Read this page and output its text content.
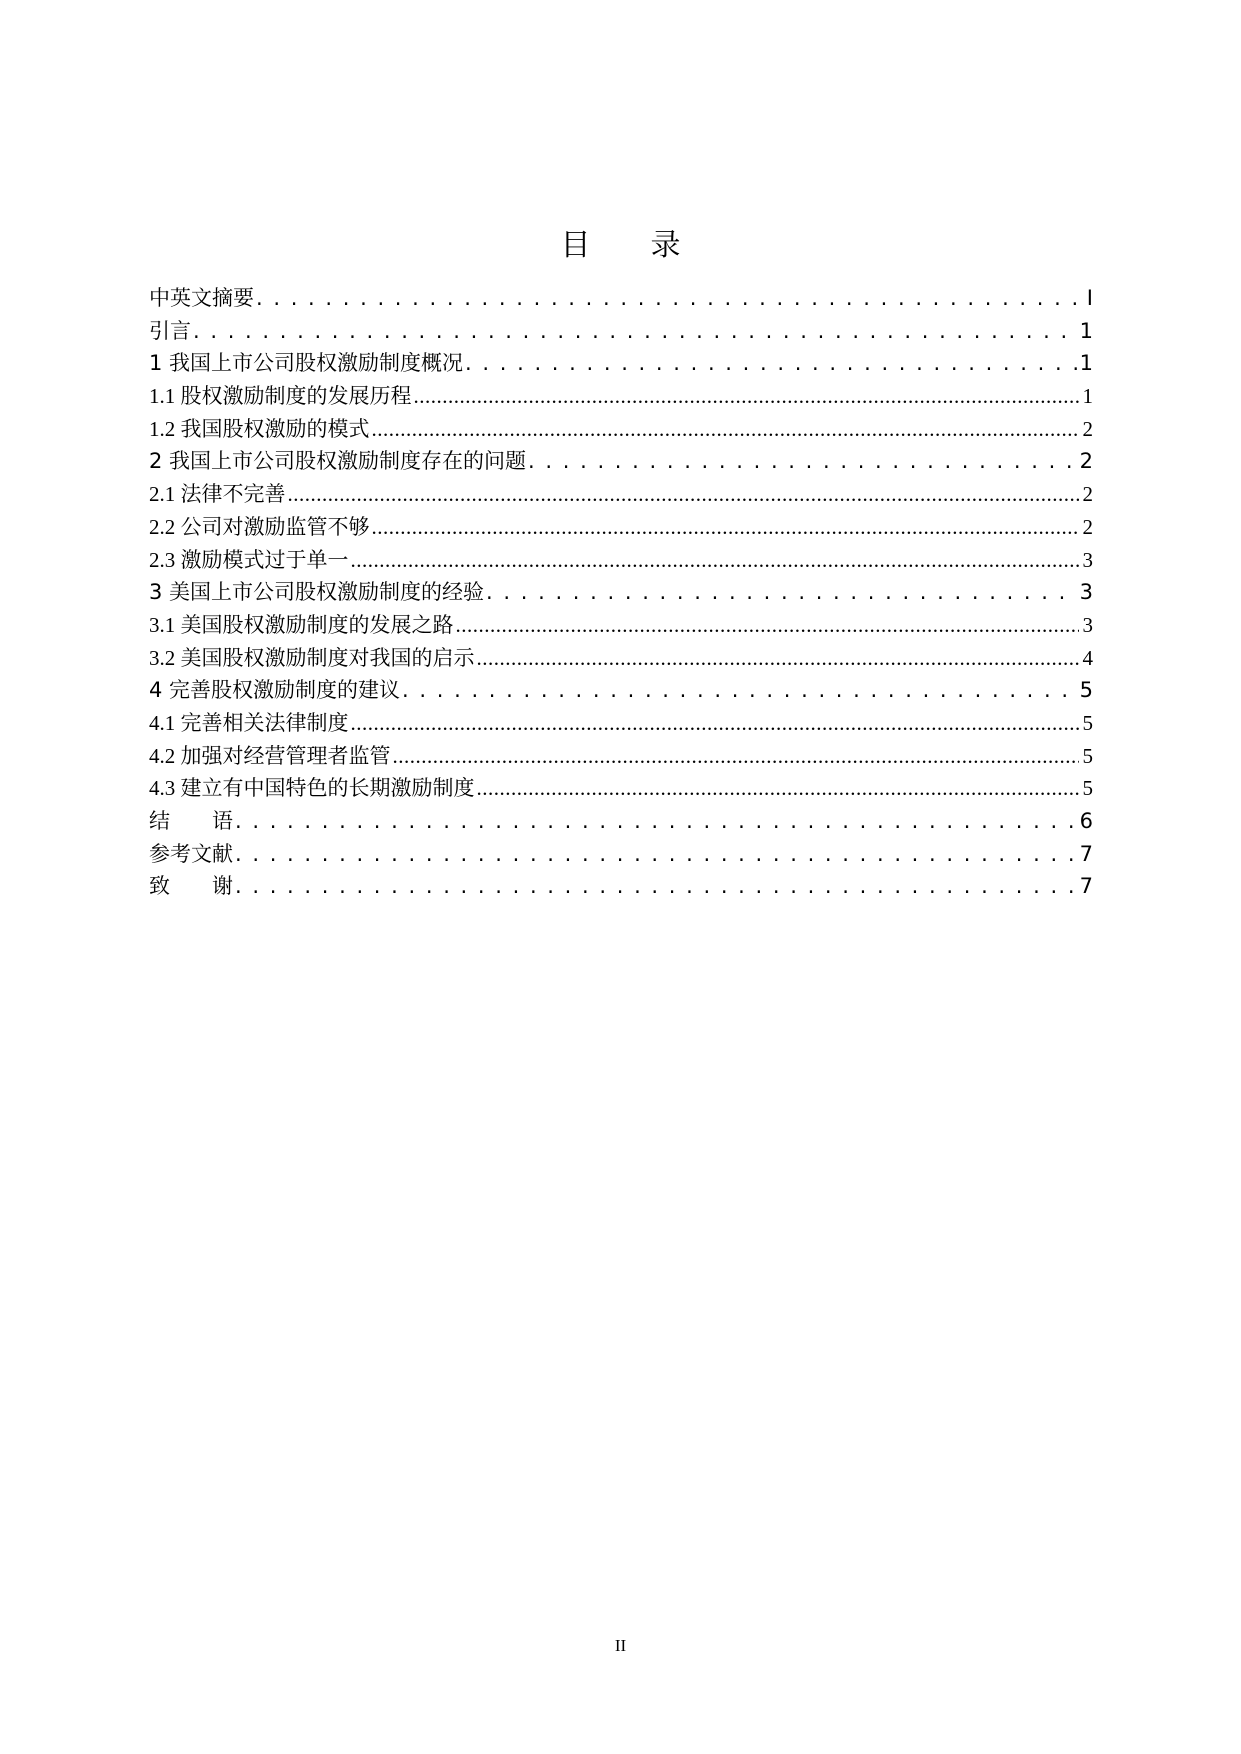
目　　录
中英文摘要 . . .	I
引言 . . .	1
1 我国上市公司股权激励制度概况 . . .	1
1.1 股权激励制度的发展历程 .....	1
1.2 我国股权激励的模式 .....	2
2 我国上市公司股权激励制度存在的问题 . . .	2
2.1 法律不完善 .....	2
2.2 公司对激励监管不够 .....	2
2.3 激励模式过于单一 .....	3
3 美国上市公司股权激励制度的经验 . . .	3
3.1 美国股权激励制度的发展之路 .....	3
3.2 美国股权激励制度对我国的启示 .....	4
4 完善股权激励制度的建议 . . .	5
4.1 完善相关法律制度 .....	5
4.2 加强对经营管理者监管 .....	5
4.3 建立有中国特色的长期激励制度 .....	5
结　　语 . . .	6
参考文献 . . .	7
致　　谢 . . .	7
II
